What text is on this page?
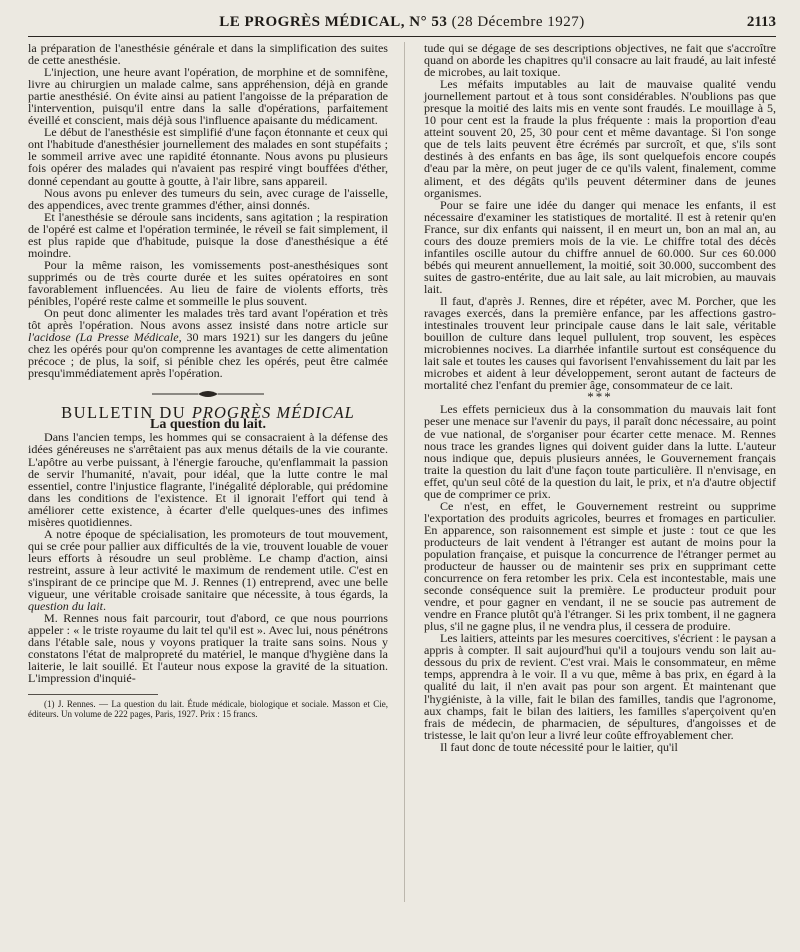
LE PROGRÈS MÉDICAL, N° 53 (28 Décembre 1927)	2113

la préparation de l'anesthésie générale et dans la simplification des suites de cette anesthésie.

L'injection, une heure avant l'opération, de morphine et de somnifène, livre au chirurgien un malade calme, sans appréhension, déjà en grande partie anesthésié. On évite ainsi au patient l'angoisse de la préparation de l'intervention, puisqu'il entre dans la salle d'opérations, parfaitement éveillé et conscient, mais déjà sous l'influence apaisante du médicament.

Le début de l'anesthésie est simplifié d'une façon étonnante et ceux qui ont l'habitude d'anesthésier journellement des malades en sont stupéfaits ; le sommeil arrive avec une rapidité étonnante. Nous avons pu plusieurs fois opérer des malades qui n'avaient pas respiré vingt bouffées d'éther, donné cependant au goutte à goutte, à l'air libre, sans appareil.

Nous avons pu enlever des tumeurs du sein, avec curage de l'aisselle, des appendices, avec trente grammes d'éther, ainsi donnés.

Et l'anesthésie se déroule sans incidents, sans agitation ; la respiration de l'opéré est calme et l'opération terminée, le réveil se fait simplement, il est plus rapide que d'habitude, puisque la dose d'anesthésique a été moindre.

Pour la même raison, les vomissements post-anesthésiques sont supprimés ou de très courte durée et les suites opératoires en sont favorablement influencées. Au lieu de faire de violents efforts, très pénibles, l'opéré reste calme et sommeille le plus souvent.

On peut donc alimenter les malades très tard avant l'opération et très tôt après l'opération. Nous avons assez insisté dans notre article sur l'acidose (La Presse Médicale, 30 mars 1921) sur les dangers du jeûne chez les opérés pour qu'on comprenne les avantages de cette alimentation précoce ; de plus, la soif, si pénible chez les opérés, peut être calmée presqu'immédiatement après l'opération.

BULLETIN DU PROGRÈS MÉDICAL

La question du lait.

Dans l'ancien temps, les hommes qui se consacraient à la défense des idées généreuses ne s'arrêtaient pas aux menus détails de la vie courante. L'apôtre au verbe puissant, à l'énergie farouche, qu'enflammait la passion de servir l'humanité, n'avait, pour idéal, que la lutte contre le mal essentiel, contre l'injustice flagrante, l'inégalité déplorable, qui prédomine dans les conditions de l'existence. Et il ignorait l'effort qui tend à améliorer cette existence, à écarter d'elle quelques-unes des infimes misères quotidiennes.

A notre époque de spécialisation, les promoteurs de tout mouvement, qui se crée pour pallier aux difficultés de la vie, trouvent louable de vouer leurs efforts à résoudre un seul problème. Le champ d'action, ainsi restreint, assure à leur activité le maximum de rendement utile. C'est en s'inspirant de ce principe que M. J. Rennes (1) entreprend, avec une belle vigueur, une véritable croisade sanitaire que nécessite, à tous égards, la question du lait.

M. Rennes nous fait parcourir, tout d'abord, ce que nous pourrions appeler : « le triste royaume du lait tel qu'il est ». Avec lui, nous pénétrons dans l'étable sale, nous y voyons pratiquer la traite sans soins. Nous y constatons l'état de malpropreté du matériel, le manque d'hygiène dans la laiterie, le lait souillé. Et l'auteur nous expose la gravité de la situation. L'impression d'inquié-

(1) J. Rennes. — La question du lait. Étude médicale, biologique et sociale. Masson et Cie, éditeurs. Un volume de 222 pages, Paris, 1927. Prix : 15 francs.

tude qui se dégage de ses descriptions objectives, ne fait que s'accroître quand on aborde les chapitres qu'il consacre au lait fraudé, au lait infesté de microbes, au lait toxique.

Les méfaits imputables au lait de mauvaise qualité vendu journellement partout et à tous sont considérables. N'oublions pas que presque la moitié des laits mis en vente sont fraudés. Le mouillage à 5, 10 pour cent est la fraude la plus fréquente : mais la proportion d'eau atteint souvent 20, 25, 30 pour cent et même davantage. Si l'on songe que de tels laits peuvent être écrémés par surcroît, et que, s'ils sont destinés à des enfants en bas âge, ils sont quelquefois encore coupés d'eau par la mère, on peut juger de ce qu'ils valent, finalement, comme aliment, et des dégâts qu'ils peuvent déterminer dans de jeunes organismes.

Pour se faire une idée du danger qui menace les enfants, il est nécessaire d'examiner les statistiques de mortalité. Il est à retenir qu'en France, sur dix enfants qui naissent, il en meurt un, bon an mal an, au cours des douze premiers mois de la vie. Le chiffre total des décès infantiles oscille autour du chiffre annuel de 60.000. Sur ces 60.000 bébés qui meurent annuellement, la moitié, soit 30.000, succombent des suites de gastro-entérite, due au lait sale, au lait microbien, au mauvais lait.

Il faut, d'après J. Rennes, dire et répéter, avec M. Porcher, que les ravages exercés, dans la première enfance, par les affections gastro-intestinales trouvent leur principale cause dans le lait sale, véritable bouillon de culture dans lequel pullulent, trop souvent, les espèces microbiennes nocives. La diarrhée infantile surtout est conséquence du lait sale et toutes les causes qui favorisent l'envahissement du lait par les microbes et aident à leur développement, seront autant de facteurs de mortalité chez l'enfant du premier âge, consommateur de ce lait.

***

Les effets pernicieux dus à la consommation du mauvais lait font peser une menace sur l'avenir du pays, il paraît donc nécessaire, au point de vue national, de s'organiser pour écarter cette menace. M. Rennes nous trace les grandes lignes qui doivent guider dans la lutte. L'auteur nous indique que, depuis plusieurs années, le Gouvernement français traite la question du lait d'une façon toute particulière. Il n'envisage, en effet, qu'un seul côté de la question du lait, le prix, et n'a d'autre objectif que de comprimer ce prix.

Ce n'est, en effet, le Gouvernement restreint ou supprime l'exportation des produits agricoles, beurres et fromages en particulier. En apparence, son raisonnement est simple et juste : tout ce que les producteurs de lait vendent à l'étranger est autant de moins pour la population française, et puisque la concurrence de l'étranger permet au producteur de hausser ou de maintenir ses prix en supprimant cette concurrence on fera retomber les prix. Cela est incontestable, mais une seconde conséquence suit la première. Le producteur produit pour vendre, et pour gagner en vendant, il ne se soucie pas autrement de vendre en France plutôt qu'à l'étranger. Si les prix tombent, il ne gagnera plus, s'il ne gagne plus, il ne vendra plus, il cessera de produire.

Les laitiers, atteints par les mesures coercitives, s'écrient : le paysan a appris à compter. Il sait aujourd'hui qu'il a toujours vendu son lait au-dessous du prix de revient. C'est vrai. Mais le consommateur, en même temps, apprendra à le voir. Il a vu que, même à bas prix, en égard à la qualité du lait, il n'en avait pas pour son argent. Et maintenant que l'hygiéniste, à la ville, fait le bilan des familles, tandis que l'agronome, aux champs, fait le bilan des laitiers, les familles s'aperçoivent qu'en frais de médecin, de pharmacien, de sépultures, d'angoisses et de tristesse, le lait qu'on leur a livré leur coûte effroyablement cher.

Il faut donc de toute nécessité pour le laitier, qu'il
